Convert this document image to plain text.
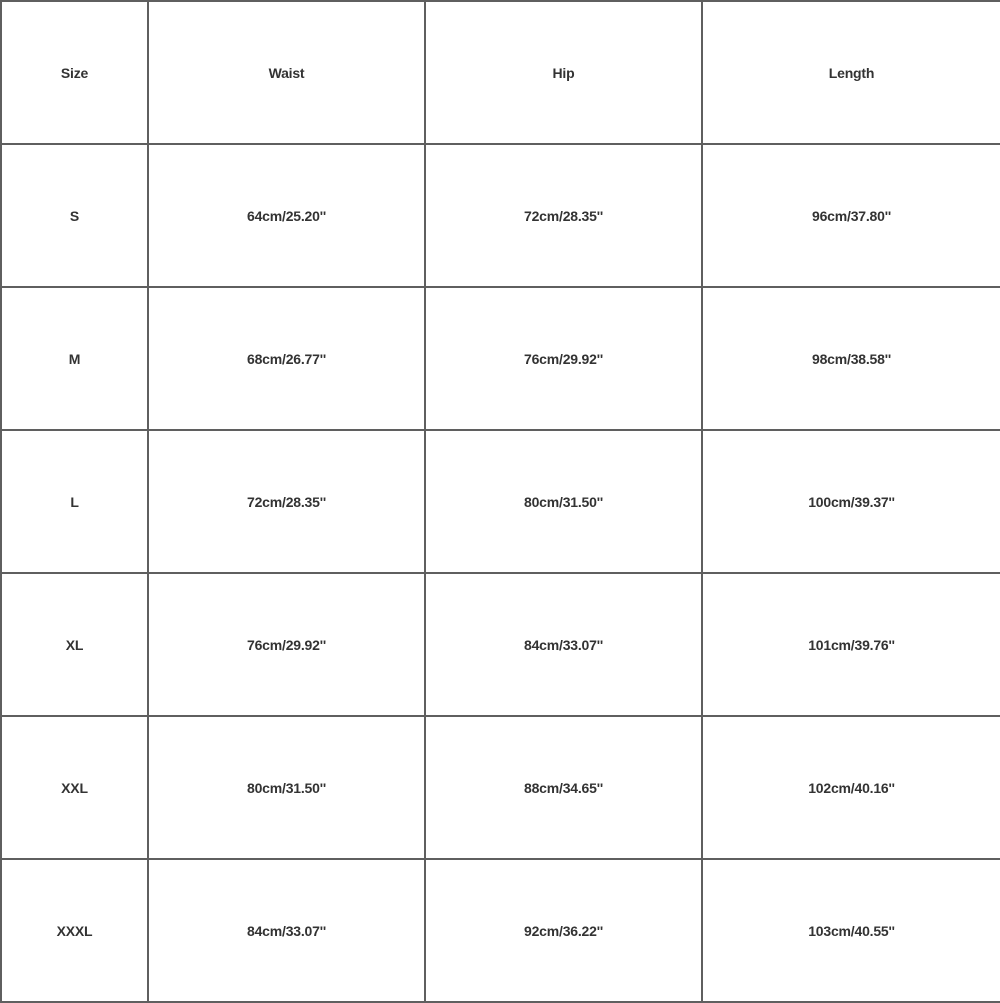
Size	Waist	Hip	Length
S	64cm/25.20''	72cm/28.35''	96cm/37.80''
M	68cm/26.77''	76cm/29.92''	98cm/38.58''
L	72cm/28.35''	80cm/31.50''	100cm/39.37''
XL	76cm/29.92''	84cm/33.07''	101cm/39.76''
XXL	80cm/31.50''	88cm/34.65''	102cm/40.16''
XXXL	84cm/33.07''	92cm/36.22''	103cm/40.55''
